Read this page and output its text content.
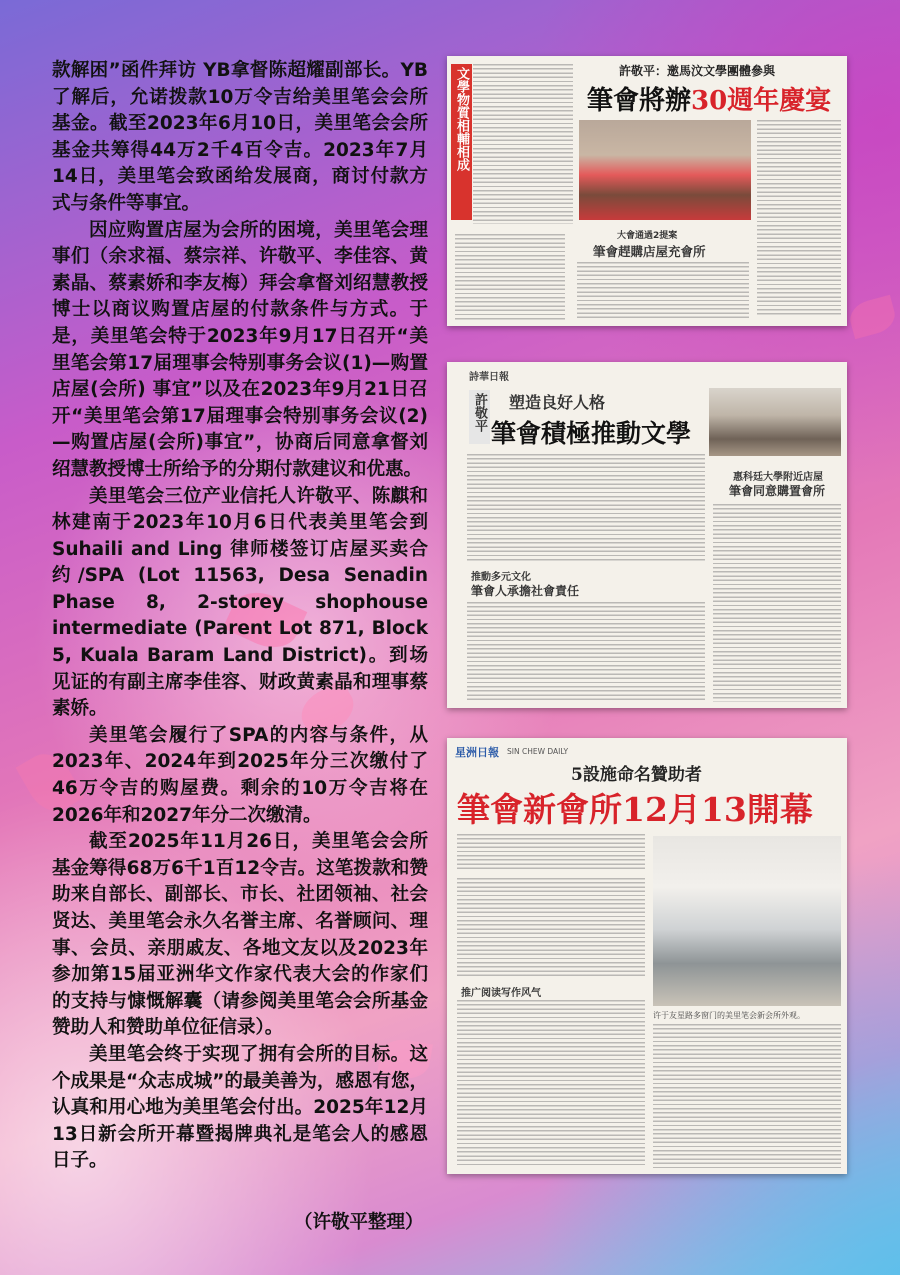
款解困”函件拜访 YB拿督陈超耀副部长。YB了解后，允诺拨款10万令吉给美里笔会会所基金。截至2023年6月10日，美里笔会会所基金共筹得44万2千4百令吉。2023年7月14日，美里笔会致函给发展商，商讨付款方式与条件等事宜。

因应购置店屋为会所的困境，美里笔会理事们（余求福、蔡宗祥、许敬平、李佳容、黄素晶、蔡素娇和李友梅）拜会拿督刘绍慧教授博士以商议购置店屋的付款条件与方式。于是，美里笔会特于2023年9月17日召开“美里笔会第17届理事会特别事务会议(1)—购置店屋(会所) 事宜”以及在2023年9月21日召开“美里笔会第17届理事会特别事务会议(2)—购置店屋(会所)事宜”，协商后同意拿督刘绍慧教授博士所给予的分期付款建议和优惠。

美里笔会三位产业信托人许敬平、陈麒和林建南于2023年10月6日代表美里笔会到Suhaili and Ling 律师楼签订店屋买卖合约/SPA (Lot 11563, Desa Senadin Phase 8, 2-storey shophouse intermediate (Parent Lot 871, Block 5, Kuala Baram Land District)。到场见证的有副主席李佳容、财政黄素晶和理事蔡素娇。

美里笔会履行了SPA的内容与条件，从2023年、2024年到2025年分三次缴付了46万令吉的购屋费。剩余的10万令吉将在2026年和2027年分二次缴清。

截至2025年11月26日，美里笔会会所基金筹得68万6千1百12令吉。这笔拨款和赞助来自部长、副部长、市长、社团领袖、社会贤达、美里笔会永久名誉主席、名誉顾问、理事、会员、亲朋戚友、各地文友以及2023年参加第15届亚洲华文作家代表大会的作家们的支持与慷慨解囊（请参阅美里笔会会所基金赞助人和赞助单位征信录）。

美里笔会终于实现了拥有会所的目标。这个成果是“众志成城”的最美善为，感恩有您，认真和用心地为美里笔会付出。2025年12月13日新会所开幕暨揭牌典礼是笔会人的感恩日子。

（许敬平整理）
文學物質相輔相成	許敬平：邀馬汶文學團體參與
筆會將辦30週年慶宴
大會通過2提案
筆會趕購店屋充會所
詩華日報
許敬平 塑造良好人格
筆會積極推動文學
推動多元文化
筆會人承擔社會責任
惠科廷大學附近店屋
筆會同意購置會所
星洲日報 SIN CHEW DAILY
5設施命名贊助者
筆會新會所12月13開幕
许于友星路多窗门的美里笔会新会所外观。
推广阅读写作风气
